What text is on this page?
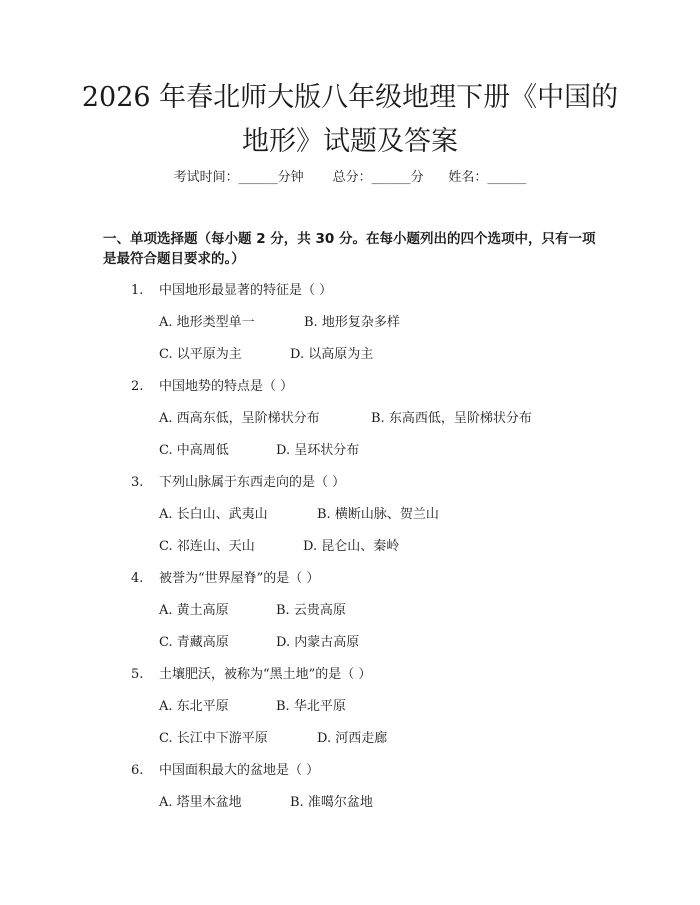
2026 年春北师大版八年级地理下册《中国的
地形》试题及答案
考试时间：______分钟 总分：______分 姓名：______

一、单项选择题（每小题 2 分，共 30 分。在每小题列出的四个选项中，只有一项

是最符合题目要求的。）

1. 中国地形最显著的特征是（ ）
A. 地形类型单一	B. 地形复杂多样
C. 以平原为主	D. 以高原为主
2. 中国地势的特点是（ ）
A. 西高东低，呈阶梯状分布	B. 东高西低，呈阶梯状分布
C. 中高周低	D. 呈环状分布
3. 下列山脉属于东西走向的是（ ）
A. 长白山、武夷山	B. 横断山脉、贺兰山
C. 祁连山、天山	D. 昆仑山、秦岭
4. 被誉为“世界屋脊”的是（ ）
A. 黄土高原	B. 云贵高原
C. 青藏高原	D. 内蒙古高原
5. 土壤肥沃，被称为“黑土地”的是（ ）
A. 东北平原	B. 华北平原
C. 长江中下游平原	D. 河西走廊
6. 中国面积最大的盆地是（ ）
A. 塔里木盆地	B. 准噶尔盆地
